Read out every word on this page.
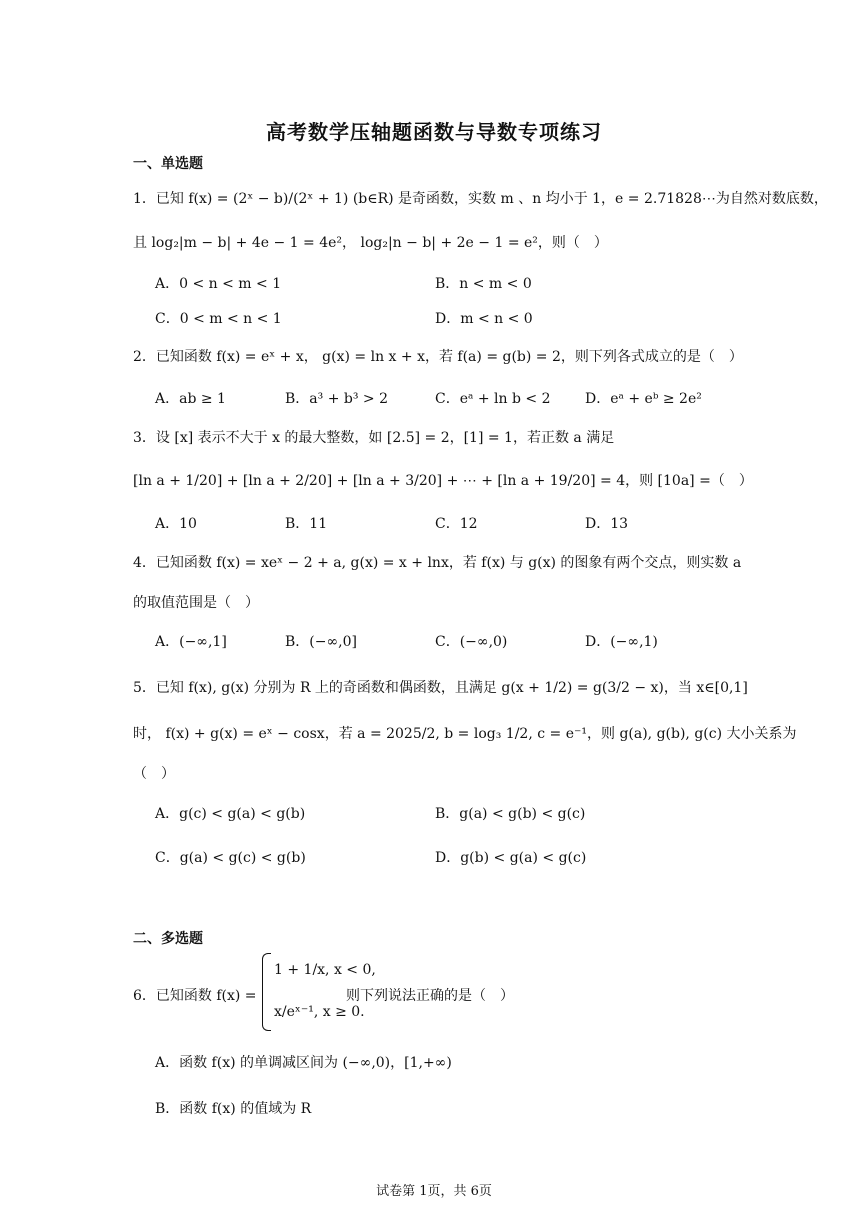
高考数学压轴题函数与导数专项练习
一、单选题
1．已知 f(x) = (2ˣ − b)/(2ˣ + 1) (b∈R) 是奇函数，实数 m 、n 均小于 1，e = 2.71828⋯为自然对数底数，
且 log₂|m − b| + 4e − 1 = 4e²， log₂|n − b| + 2e − 1 = e²，则（　）
A．0 < n < m < 1	B．n < m < 0
C．0 < m < n < 1	D．m < n < 0
2．已知函数 f(x) = eˣ + x， g(x) = ln x + x，若 f(a) = g(b) = 2，则下列各式成立的是（　）
A．ab ≥ 1	B．a³ + b³ > 2	C．eᵃ + ln b < 2 D．eᵃ + eᵇ ≥ 2e²
3．设 [x] 表示不大于 x 的最大整数，如 [2.5] = 2，[1] = 1，若正数 a 满足
[ln a + 1/20] + [ln a + 2/20] + [ln a + 3/20] + ⋯ + [ln a + 19/20] = 4，则 [10a] =（　）
A．10	B．11	C．12	D．13
4．已知函数 f(x) = xeˣ − 2 + a, g(x) = x + lnx，若 f(x) 与 g(x) 的图象有两个交点，则实数 a
的取值范围是（　）
A．(−∞,1]	B．(−∞,0]	C．(−∞,0)	D．(−∞,1)
5．已知 f(x), g(x) 分别为 R 上的奇函数和偶函数，且满足 g(x + 1/2) = g(3/2 − x)，当 x∈[0,1]
时， f(x) + g(x) = eˣ − cosx，若 a = 2025/2, b = log₃ 1/2, c = e⁻¹，则 g(a), g(b), g(c) 大小关系为
（　）
A．g(c) < g(a) < g(b)	B．g(a) < g(b) < g(c)
C．g(a) < g(c) < g(b)	D．g(b) < g(a) < g(c)
二、多选题
6．已知函数 f(x) =
1 + 1/x, x < 0,
x/eˣ⁻¹, x ≥ 0.
则下列说法正确的是（　）
A．函数 f(x) 的单调减区间为 (−∞,0)，[1,+∞)
B．函数 f(x) 的值域为 R
试卷第 1页，共 6页
